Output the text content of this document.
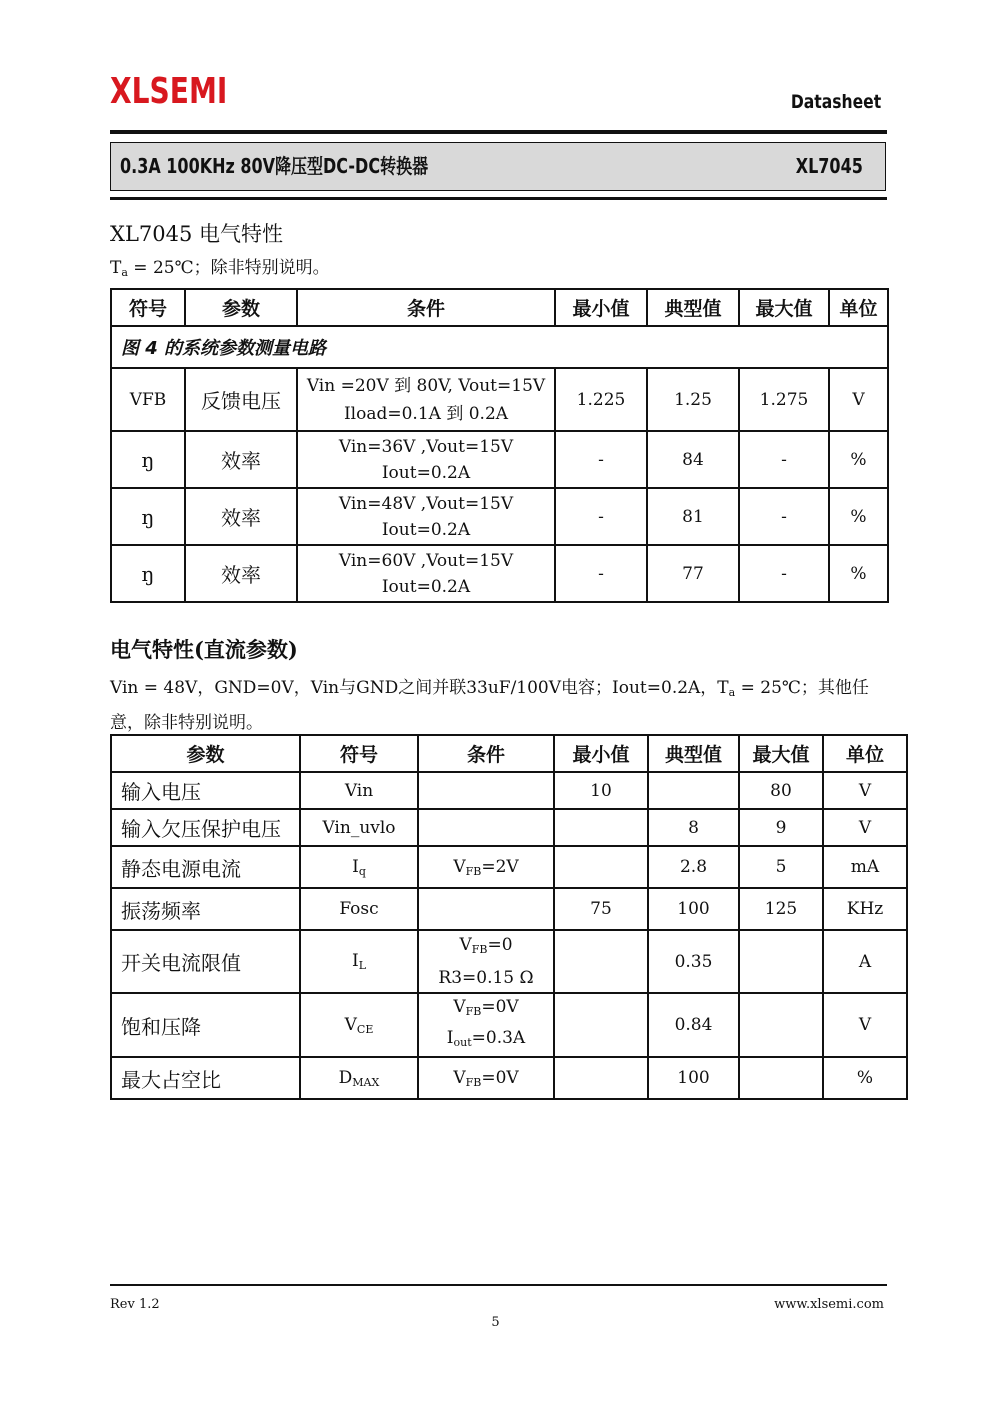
XLSEMI	Datasheet
0.3A 100KHz 80V降压型DC-DC转换器	XL7045
XL7045 电气特性
$T_a$ = 25℃；除非特别说明。
符号	参数	条件	最小值	典型值	最大值	单位
图 4 的系统参数测量电路						
VFB	反馈电压	Vin =20V 到 80V, Vout=15V
Iload=0.1A 到 0.2A	1.225	1.25	1.275	V
ŋ	效率	Vin=36V ,Vout=15V
Iout=0.2A	-	84	-	%
ŋ	效率	Vin=48V ,Vout=15V
Iout=0.2A	-	81	-	%
ŋ	效率	Vin=60V ,Vout=15V
Iout=0.2A	-	77	-	%
电气特性(直流参数)
Vin = 48V，GND=0V，Vin与GND之间并联33uF/100V电容；Iout=0.2A，$T_a$ = 25℃；其他任意，除非特别说明。
参数	符号	条件	最小值	典型值	最大值	单位
输入电压	Vin		10		80	V
输入欠压保护电压	Vin_uvlo			8	9	V
静态电源电流	$I_q$	$V_{FB}=2V$		2.8	5	mA
振荡频率	Fosc		75	100	125	KHz
开关电流限值	$I_L$	$V_{FB}=0$
R3=0.15 Ω		0.35		A
饱和压降	$V_{CE}$	$V_{FB}=0V$
$I_{out}=0.3A$		0.84		V
最大占空比	$D_{MAX}$	$V_{FB}=0V$		100		%
Rev 1.2	www.xlsemi.com
5
